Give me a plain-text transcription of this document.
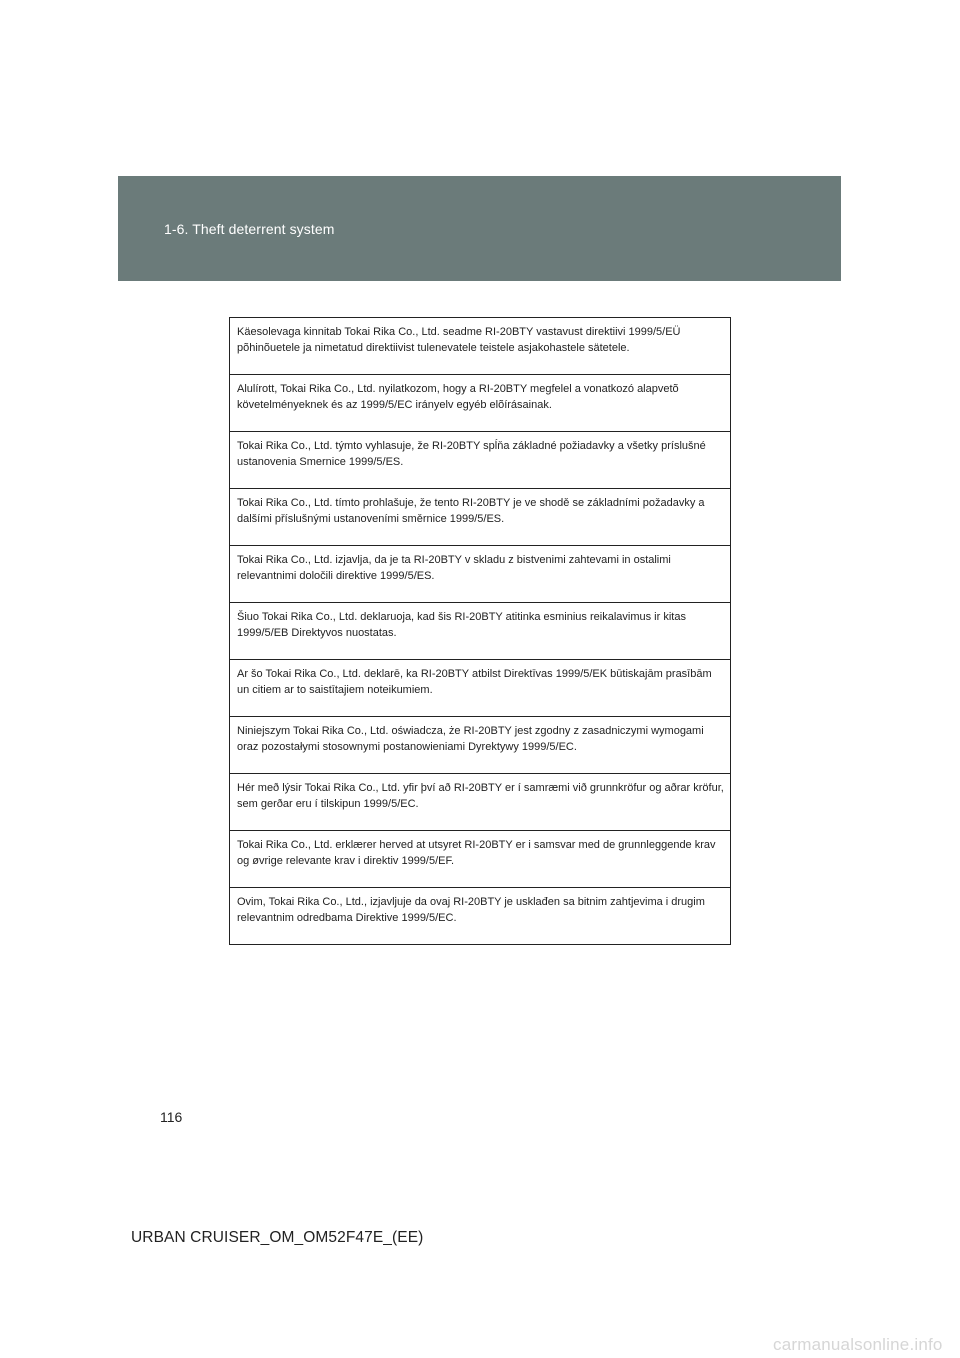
1-6. Theft deterrent system
Käesolevaga kinnitab Tokai Rika Co., Ltd. seadme RI-20BTY vastavust direktiivi 1999/5/EÜ põhinõuetele ja nimetatud direktiivist tulenevatele teistele asjakohastele sätetele.
Alulírott, Tokai Rika Co., Ltd. nyilatkozom, hogy a RI-20BTY megfelel a vonatkozó alapvetõ követelményeknek és az 1999/5/EC irányelv egyéb elõírásainak.
Tokai Rika Co., Ltd. týmto vyhlasuje, že RI-20BTY spĺňa základné požiadavky a všetky príslušné ustanovenia Smernice 1999/5/ES.
Tokai Rika Co., Ltd. tímto prohlašuje, že tento RI-20BTY je ve shodě se základními požadavky a dalšími příslušnými ustanoveními směrnice 1999/5/ES.
Tokai Rika Co., Ltd. izjavlja, da je ta RI-20BTY v skladu z bistvenimi zahtevami in ostalimi relevantnimi določili direktive 1999/5/ES.
Šiuo Tokai Rika Co., Ltd. deklaruoja, kad šis RI-20BTY atitinka esminius reikalavimus ir kitas 1999/5/EB Direktyvos nuostatas.
Ar šo Tokai Rika Co., Ltd. deklarē, ka RI-20BTY atbilst Direktīvas 1999/5/EK būtiskajām prasībām un citiem ar to saistītajiem noteikumiem.
Niniejszym Tokai Rika Co., Ltd. oświadcza, że RI-20BTY jest zgodny z zasadniczymi wymogami oraz pozostałymi stosownymi postanowieniami Dyrektywy 1999/5/EC.
Hér með lýsir Tokai Rika Co., Ltd. yfir því að RI-20BTY er í samræmi við grunnkröfur og aðrar kröfur, sem gerðar eru í tilskipun 1999/5/EC.
Tokai Rika Co., Ltd. erklærer herved at utsyret RI-20BTY er i samsvar med de grunnleggende krav og øvrige relevante krav i direktiv 1999/5/EF.
Ovim, Tokai Rika Co., Ltd., izjavljuje da ovaj RI-20BTY je usklađen sa bitnim zahtjevima i drugim relevantnim odredbama Direktive 1999/5/EC.
116
URBAN CRUISER_OM_OM52F47E_(EE)
carmanualsonline.info
